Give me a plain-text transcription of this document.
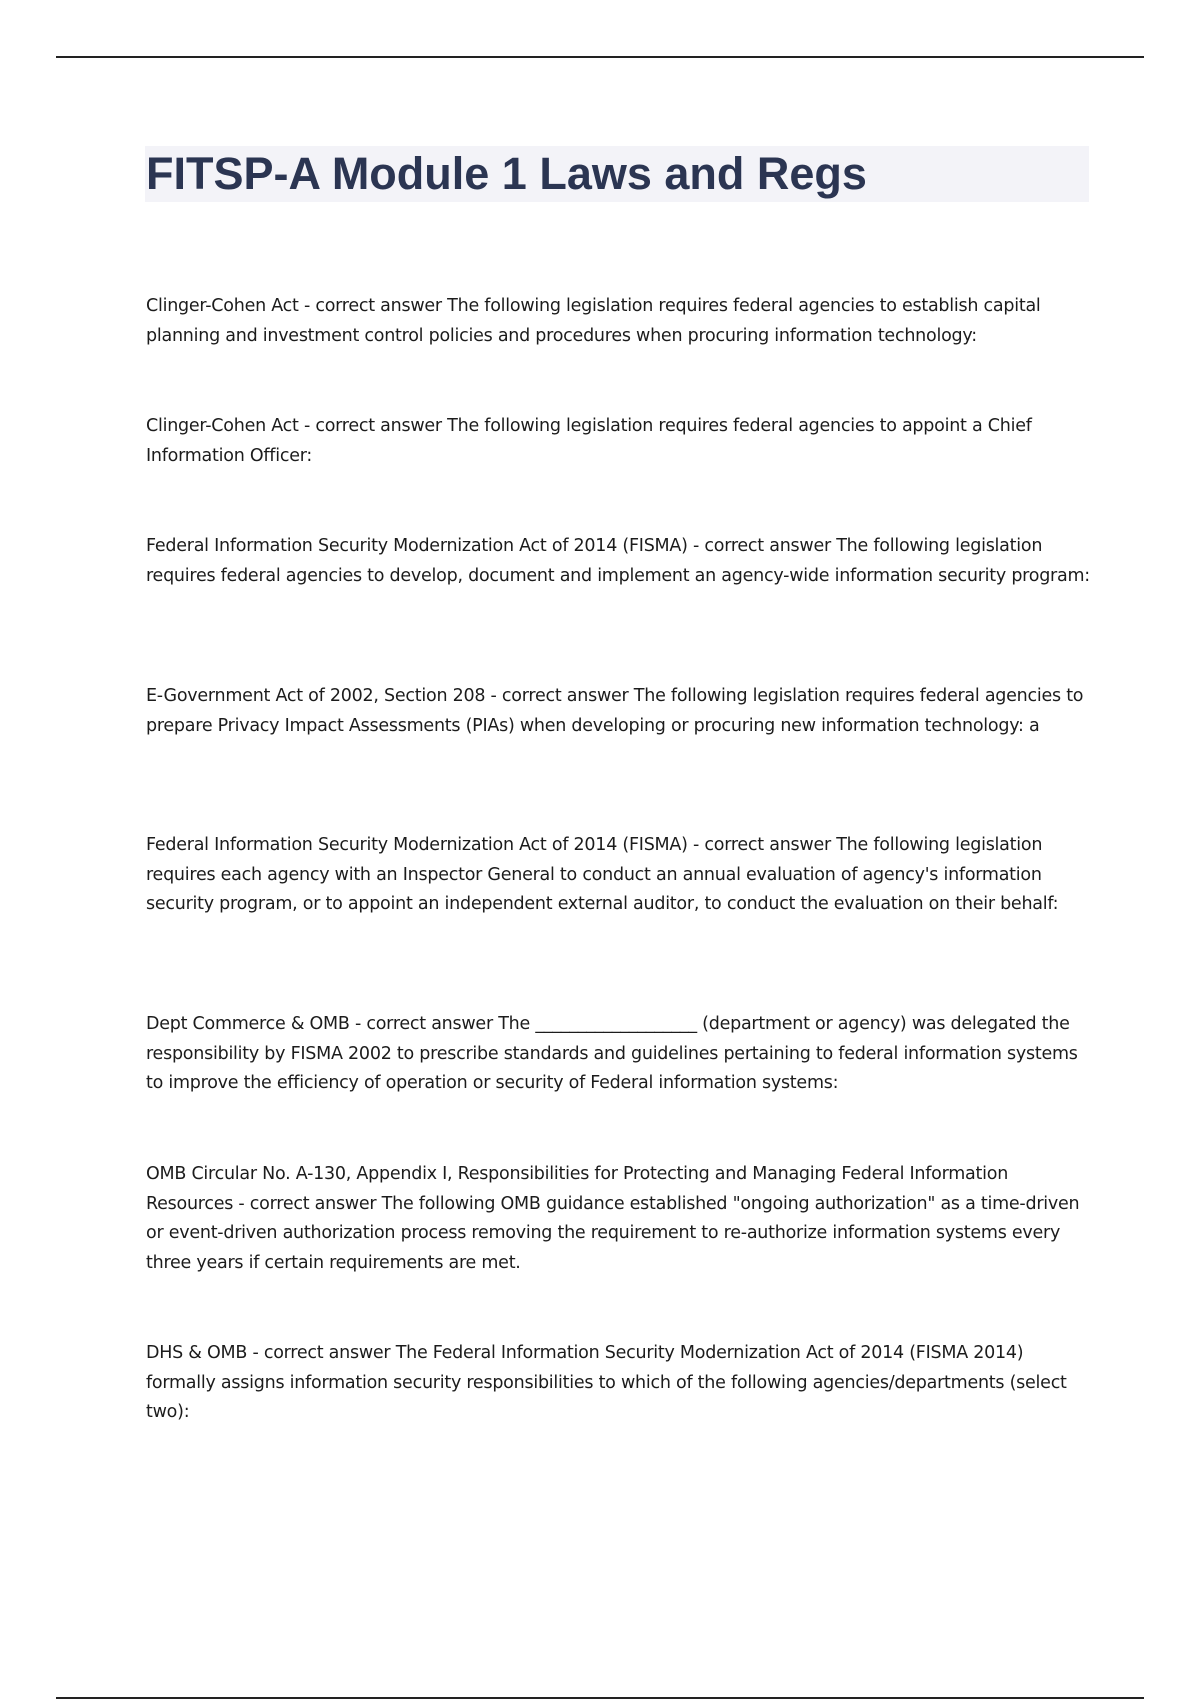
FITSP-A Module 1 Laws and Regs

Clinger-Cohen Act - correct answer The following legislation requires federal agencies to establish capital planning and investment control policies and procedures when procuring information technology:

Clinger-Cohen Act - correct answer The following legislation requires federal agencies to appoint a Chief Information Officer:

Federal Information Security Modernization Act of 2014 (FISMA) - correct answer The following legislation requires federal agencies to develop, document and implement an agency-wide information security program:

E-Government Act of 2002, Section 208 - correct answer The following legislation requires federal agencies to prepare Privacy Impact Assessments (PIAs) when developing or procuring new information technology: a

Federal Information Security Modernization Act of 2014 (FISMA) - correct answer The following legislation requires each agency with an Inspector General to conduct an annual evaluation of agency's information security program, or to appoint an independent external auditor, to conduct the evaluation on their behalf:

Dept Commerce & OMB - correct answer The ___________________ (department or agency) was delegated the responsibility by FISMA 2002 to prescribe standards and guidelines pertaining to federal information systems to improve the efficiency of operation or security of Federal information systems:

OMB Circular No. A-130, Appendix I, Responsibilities for Protecting and Managing Federal Information Resources - correct answer The following OMB guidance established "ongoing authorization" as a time-driven or event-driven authorization process removing the requirement to re-authorize information systems every three years if certain requirements are met.

DHS & OMB - correct answer The Federal Information Security Modernization Act of 2014 (FISMA 2014) formally assigns information security responsibilities to which of the following agencies/departments (select two):
